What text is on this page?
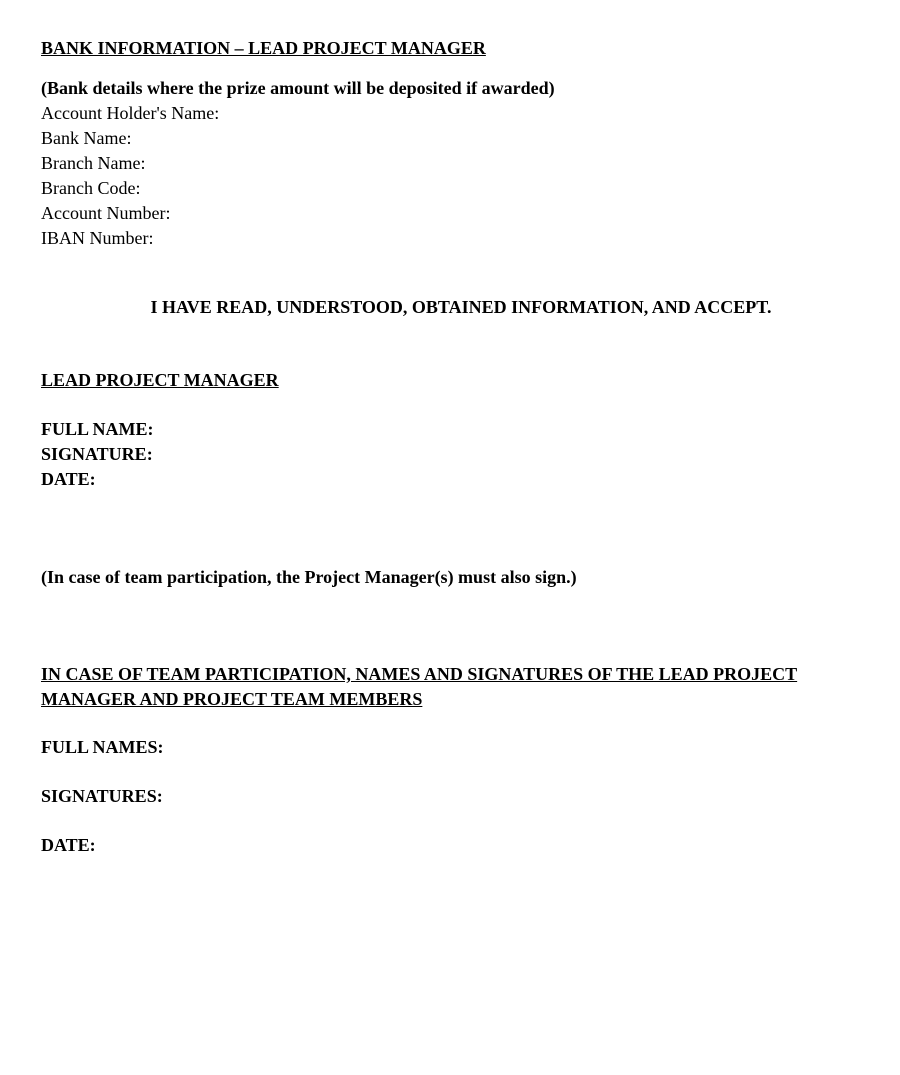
BANK INFORMATION – LEAD PROJECT MANAGER
(Bank details where the prize amount will be deposited if awarded)
Account Holder's Name:
Bank Name:
Branch Name:
Branch Code:
Account Number:
IBAN Number:
I HAVE READ, UNDERSTOOD, OBTAINED INFORMATION, AND ACCEPT.
LEAD PROJECT MANAGER
FULL NAME:
SIGNATURE:
DATE:
(In case of team participation, the Project Manager(s) must also sign.)
IN CASE OF TEAM PARTICIPATION, NAMES AND SIGNATURES OF THE LEAD PROJECT MANAGER AND PROJECT TEAM MEMBERS
FULL NAMES:
SIGNATURES:
DATE:
